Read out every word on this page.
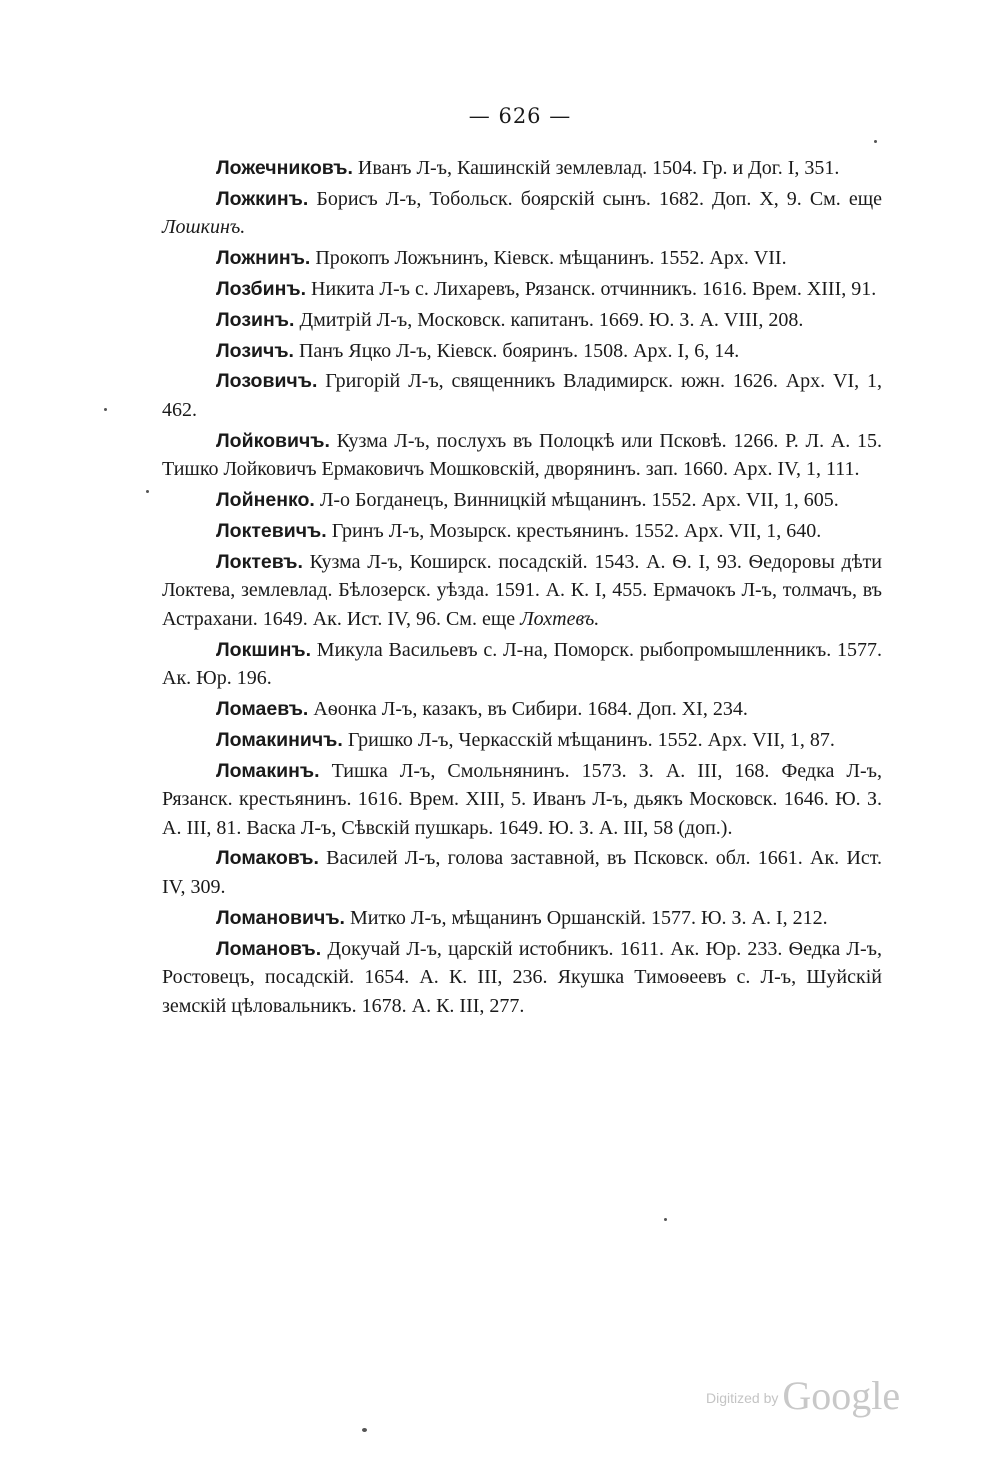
— 626 —

Ложечниковъ. Иванъ Л-ъ, Кашинскій землевлад. 1504. Гр. и Дог. I, 351.

Ложкинъ. Борисъ Л-ъ, Тобольск. боярскій сынъ. 1682. Доп. X, 9. См. еще Лошкинъ.

Ложнинъ. Прокопъ Ложънинъ, Кіевск. мѣщанинъ. 1552. Арх. VII.

Лозбинъ. Никита Л-ъ с. Лихаревъ, Рязанск. отчинникъ. 1616. Врем. XIII, 91.

Лозинъ. Дмитрій Л-ъ, Московск. капитанъ. 1669. Ю. З. А. VIII, 208.

Лозичъ. Панъ Яцко Л-ъ, Кіевск. бояринъ. 1508. Арх. I, 6, 14.

Лозовичъ. Григорій Л-ъ, священникъ Владимирск. южн. 1626. Арх. VI, 1, 462.

Лойковичъ. Кузма Л-ъ, послухъ въ Полоцкѣ или Псковѣ. 1266. Р. Л. А. 15. Тишко Лойковичъ Ермаковичъ Мошковскій, дворянинъ. зап. 1660. Арх. IV, 1, 111.

Лойненко. Л-о Богданецъ, Винницкій мѣщанинъ. 1552. Арх. VII, 1, 605.

Локтевичъ. Гринъ Л-ъ, Мозырск. крестьянинъ. 1552. Арх. VII, 1, 640.

Локтевъ. Кузма Л-ъ, Коширск. посадскій. 1543. А. Ѳ. I, 93. Ѳедоровы дѣти Локтева, землевлад. Бѣлозерск. уѣзда. 1591. А. К. I, 455. Ермачокъ Л-ъ, толмачъ, въ Астрахани. 1649. Ак. Ист. IV, 96. См. еще Лохтевъ.

Локшинъ. Микула Васильевъ с. Л-на, Поморск. рыбопромышленникъ. 1577. Ак. Юр. 196.

Ломаевъ. Аѳонка Л-ъ, казакъ, въ Сибири. 1684. Доп. XI, 234.

Ломакиничъ. Гришко Л-ъ, Черкасскій мѣщанинъ. 1552. Арх. VII, 1, 87.

Ломакинъ. Тишка Л-ъ, Смольнянинъ. 1573. З. А. III, 168. Федка Л-ъ, Рязанск. крестьянинъ. 1616. Врем. XIII, 5. Иванъ Л-ъ, дьякъ Московск. 1646. Ю. З. А. III, 81. Васка Л-ъ, Сѣвскій пушкарь. 1649. Ю. З. А. III, 58 (доп.).

Ломаковъ. Василей Л-ъ, голова заставной, въ Псковск. обл. 1661. Ак. Ист. IV, 309.

Ломановичъ. Митко Л-ъ, мѣщанинъ Оршанскій. 1577. Ю. З. А. I, 212.

Ломановъ. Докучай Л-ъ, царскій истобникъ. 1611. Ак. Юр. 233. Ѳедка Л-ъ, Ростовецъ, посадскій. 1654. А. К. III, 236. Якушка Тимоѳеевъ с. Л-ъ, Шуйскій земскій цѣловальникъ. 1678. А. К. III, 277.

Digitized by Google
